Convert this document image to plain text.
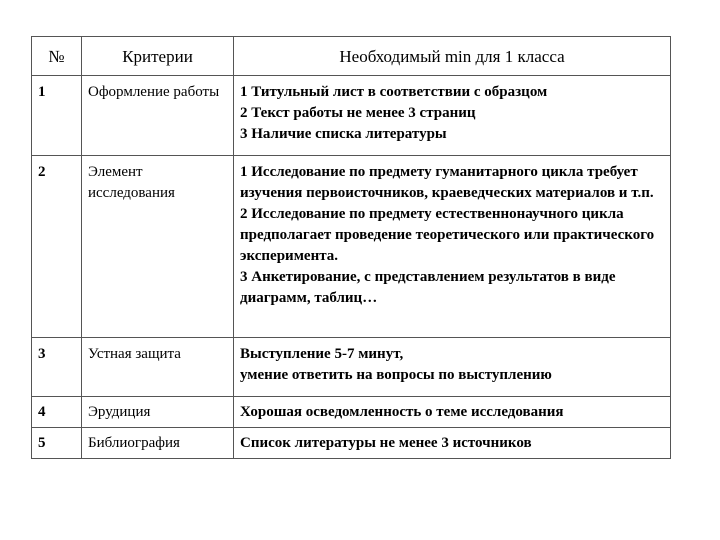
№	Критерии	Необходимый min для 1 класса
1	Оформление работы	1 Титульный лист в соответствии с образцом
2 Текст работы не менее 3 страниц
3 Наличие списка литературы

2	Элемент исследования	1 Исследование по предмету гуманитарного цикла требует изучения первоисточников, краеведческих материалов и т.п.
2 Исследование по предмету естественнонаучного цикла предполагает проведение теоретического или практического эксперимента.
3 Анкетирование, с представлением результатов в виде диаграмм, таблиц…

3	Устная защита	Выступление 5-7 минут,
умение ответить на вопросы по выступлению

4	Эрудиция	Хорошая осведомленность о теме исследования

5	Библиография	Список литературы не менее 3 источников
